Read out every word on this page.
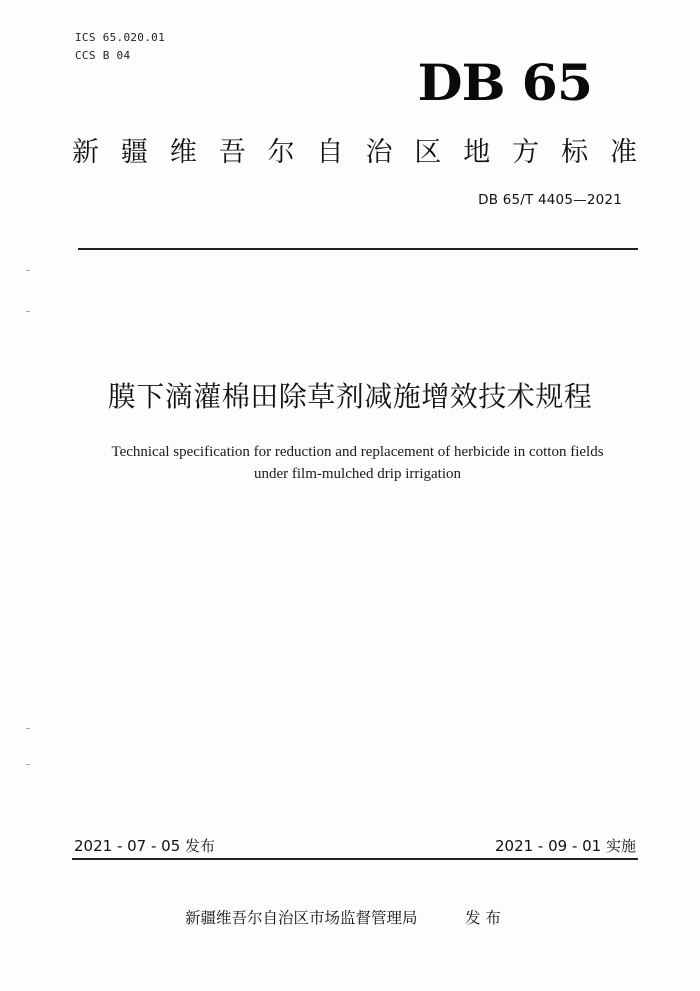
ICS 65.020.01
CCS B 04	DB 65
新 疆 维 吾 尔 自 治 区 地 方 标 准
DB 65/T 4405—2021
膜下滴灌棉田除草剂减施增效技术规程
Technical specification for reduction and replacement of herbicide in cotton fields
under film-mulched drip irrigation
2021 - 07 - 05 发布	2021 - 09 - 01 实施
新疆维吾尔自治区市场监督管理局	发 布
